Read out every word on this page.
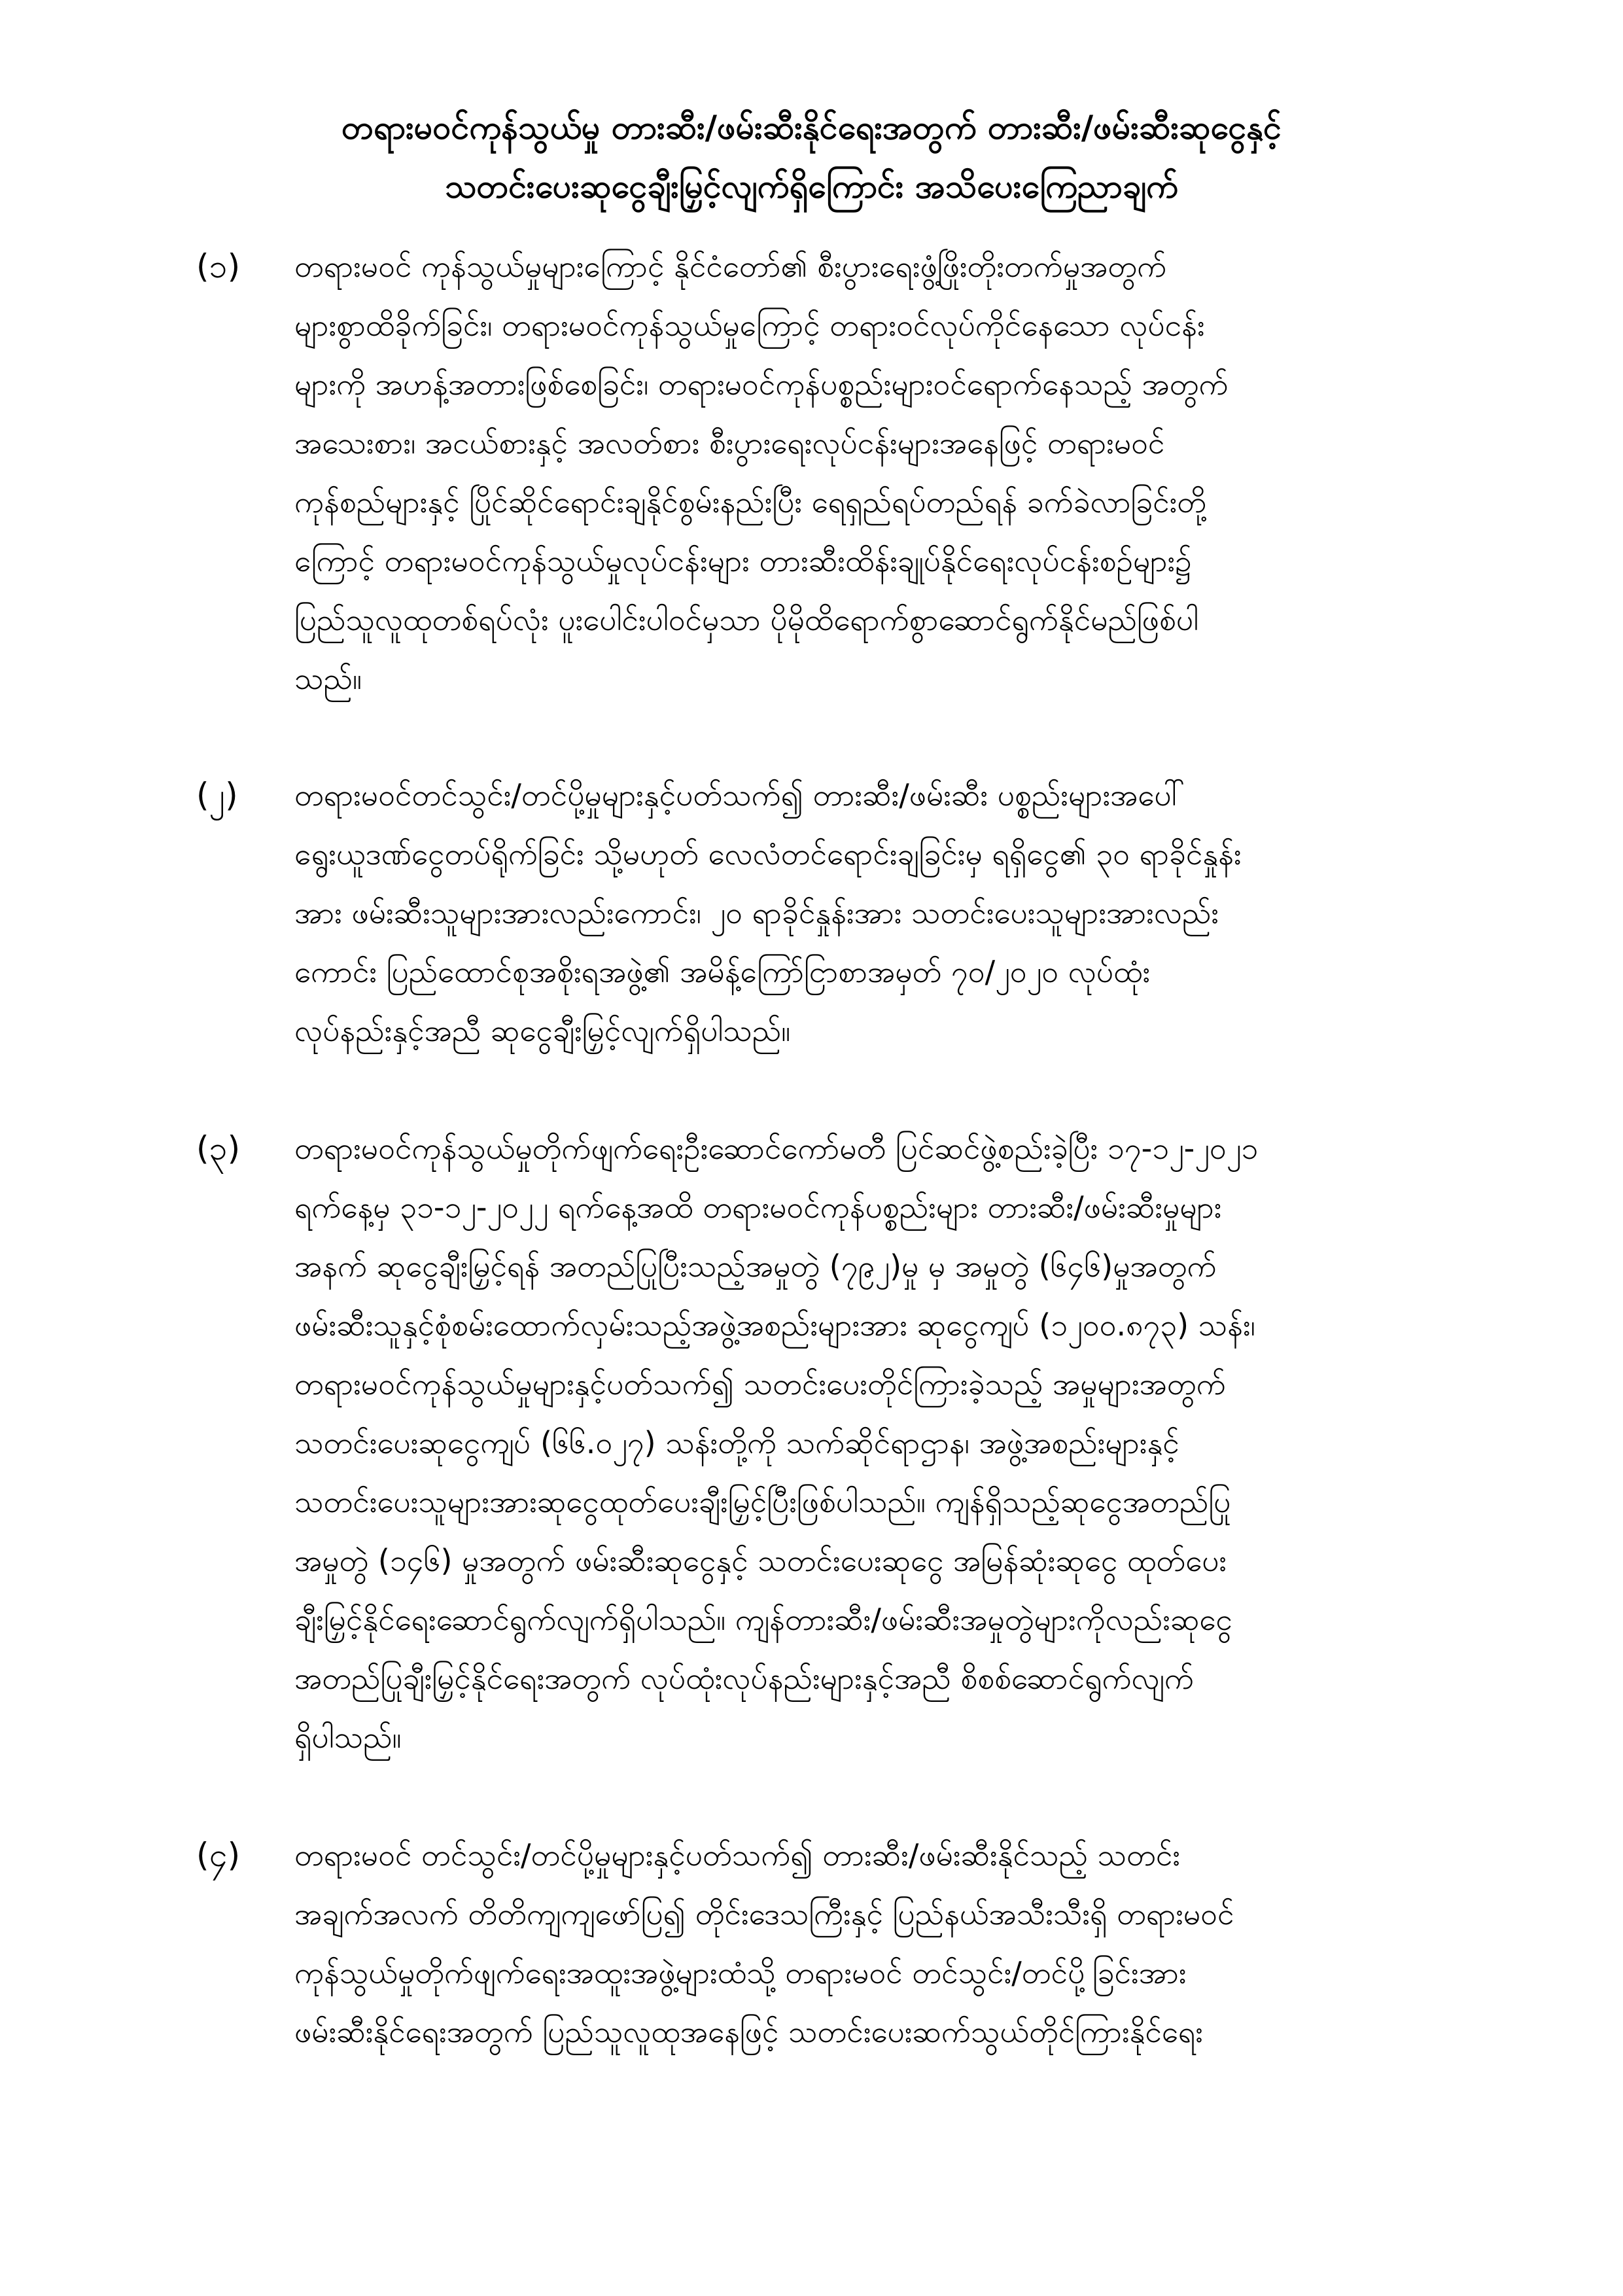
တရားမဝင်ကုန်သွယ်မှု တားဆီး/ဖမ်းဆီးနိုင်ရေးအတွက် တားဆီး/ဖမ်းဆီးဆုငွေနှင့်
သတင်းပေးဆုငွေချီးမြှင့်လျက်ရှိကြောင်း အသိပေးကြေညာချက်
(၁) တရားမဝင် ကုန်သွယ်မှုများကြောင့် နိုင်ငံတော်၏ စီးပွားရေးဖွံ့ဖြိုးတိုးတက်မှုအတွက်
များစွာထိခိုက်ခြင်း၊ တရားမဝင်ကုန်သွယ်မှုကြောင့် တရားဝင်လုပ်ကိုင်နေသော လုပ်ငန်း
များကို အဟန့်အတားဖြစ်စေခြင်း၊ တရားမဝင်ကုန်ပစ္စည်းများဝင်ရောက်နေသည့် အတွက်
အသေးစား၊ အငယ်စားနှင့် အလတ်စား စီးပွားရေးလုပ်ငန်းများအနေဖြင့် တရားမဝင်
ကုန်စည်များနှင့် ပြိုင်ဆိုင်ရောင်းချနိုင်စွမ်းနည်းပြီး ရေရှည်ရပ်တည်ရန် ခက်ခဲလာခြင်းတို့
ကြောင့် တရားမဝင်ကုန်သွယ်မှုလုပ်ငန်းများ တားဆီးထိန်းချုပ်နိုင်ရေးလုပ်ငန်းစဉ်များ၌
ပြည်သူလူထုတစ်ရပ်လုံး ပူးပေါင်းပါဝင်မှသာ ပိုမိုထိရောက်စွာဆောင်ရွက်နိုင်မည်ဖြစ်ပါ
သည်။
(၂) တရားမဝင်တင်သွင်း/တင်ပို့မှုများနှင့်ပတ်သက်၍ တားဆီး/ဖမ်းဆီး ပစ္စည်းများအပေါ်
ရွေးယူဒဏ်ငွေတပ်ရိုက်ခြင်း သို့မဟုတ် လေလံတင်ရောင်းချခြင်းမှ ရရှိငွေ၏ ၃၀ ရာခိုင်နှုန်း
အား ဖမ်းဆီးသူများအားလည်းကောင်း၊ ၂၀ ရာခိုင်နှုန်းအား သတင်းပေးသူများအားလည်း
ကောင်း ပြည်ထောင်စုအစိုးရအဖွဲ့၏ အမိန့်ကြော်ငြာစာအမှတ် ၇၀/၂၀၂၀ လုပ်ထုံး
လုပ်နည်းနှင့်အညီ ဆုငွေချီးမြှင့်လျက်ရှိပါသည်။
(၃) တရားမဝင်ကုန်သွယ်မှုတိုက်ဖျက်ရေးဦးဆောင်ကော်မတီ ပြင်ဆင်ဖွဲ့စည်းခဲ့ပြီး ၁၇-၁၂-၂၀၂၁
ရက်နေ့မှ ၃၁-၁၂-၂၀၂၂ ရက်နေ့အထိ တရားမဝင်ကုန်ပစ္စည်းများ တားဆီး/ဖမ်းဆီးမှုများ
အနက် ဆုငွေချီးမြှင့်ရန် အတည်ပြုပြီးသည့်အမှုတွဲ (၇၉၂)မှု မှ အမှုတွဲ (၆၄၆)မှုအတွက်
ဖမ်းဆီးသူနှင့်စုံစမ်းထောက်လှမ်းသည့်အဖွဲ့အစည်းများအား ဆုငွေကျပ် (၁၂၀၀.၈၇၃) သန်း၊
တရားမဝင်ကုန်သွယ်မှုများနှင့်ပတ်သက်၍ သတင်းပေးတိုင်ကြားခဲ့သည့် အမှုများအတွက်
သတင်းပေးဆုငွေကျပ် (၆၆.၀၂၇) သန်းတို့ကို သက်ဆိုင်ရာဌာန၊ အဖွဲ့အစည်းများနှင့်
သတင်းပေးသူများအားဆုငွေထုတ်ပေးချီးမြှင့်ပြီးဖြစ်ပါသည်။ ကျန်ရှိသည့်ဆုငွေအတည်ပြု
အမှုတွဲ (၁၄၆) မှုအတွက် ဖမ်းဆီးဆုငွေနှင့် သတင်းပေးဆုငွေ အမြန်ဆုံးဆုငွေ ထုတ်ပေး
ချီးမြှင့်နိုင်ရေးဆောင်ရွက်လျက်ရှိပါသည်။ ကျန်တားဆီး/ဖမ်းဆီးအမှုတွဲများကိုလည်းဆုငွေ
အတည်ပြုချီးမြှင့်နိုင်ရေးအတွက် လုပ်ထုံးလုပ်နည်းများနှင့်အညီ စိစစ်ဆောင်ရွက်လျက်
ရှိပါသည်။
(၄) တရားမဝင် တင်သွင်း/တင်ပို့မှုများနှင့်ပတ်သက်၍ တားဆီး/ဖမ်းဆီးနိုင်သည့် သတင်း
အချက်အလက် တိတိကျကျဖော်ပြ၍ တိုင်းဒေသကြီးနှင့် ပြည်နယ်အသီးသီးရှိ တရားမဝင်
ကုန်သွယ်မှုတိုက်ဖျက်ရေးအထူးအဖွဲ့များထံသို့ တရားမဝင် တင်သွင်း/တင်ပို့ခြင်းအား
ဖမ်းဆီးနိုင်ရေးအတွက် ပြည်သူလူထုအနေဖြင့် သတင်းပေးဆက်သွယ်တိုင်ကြားနိုင်ရေး
